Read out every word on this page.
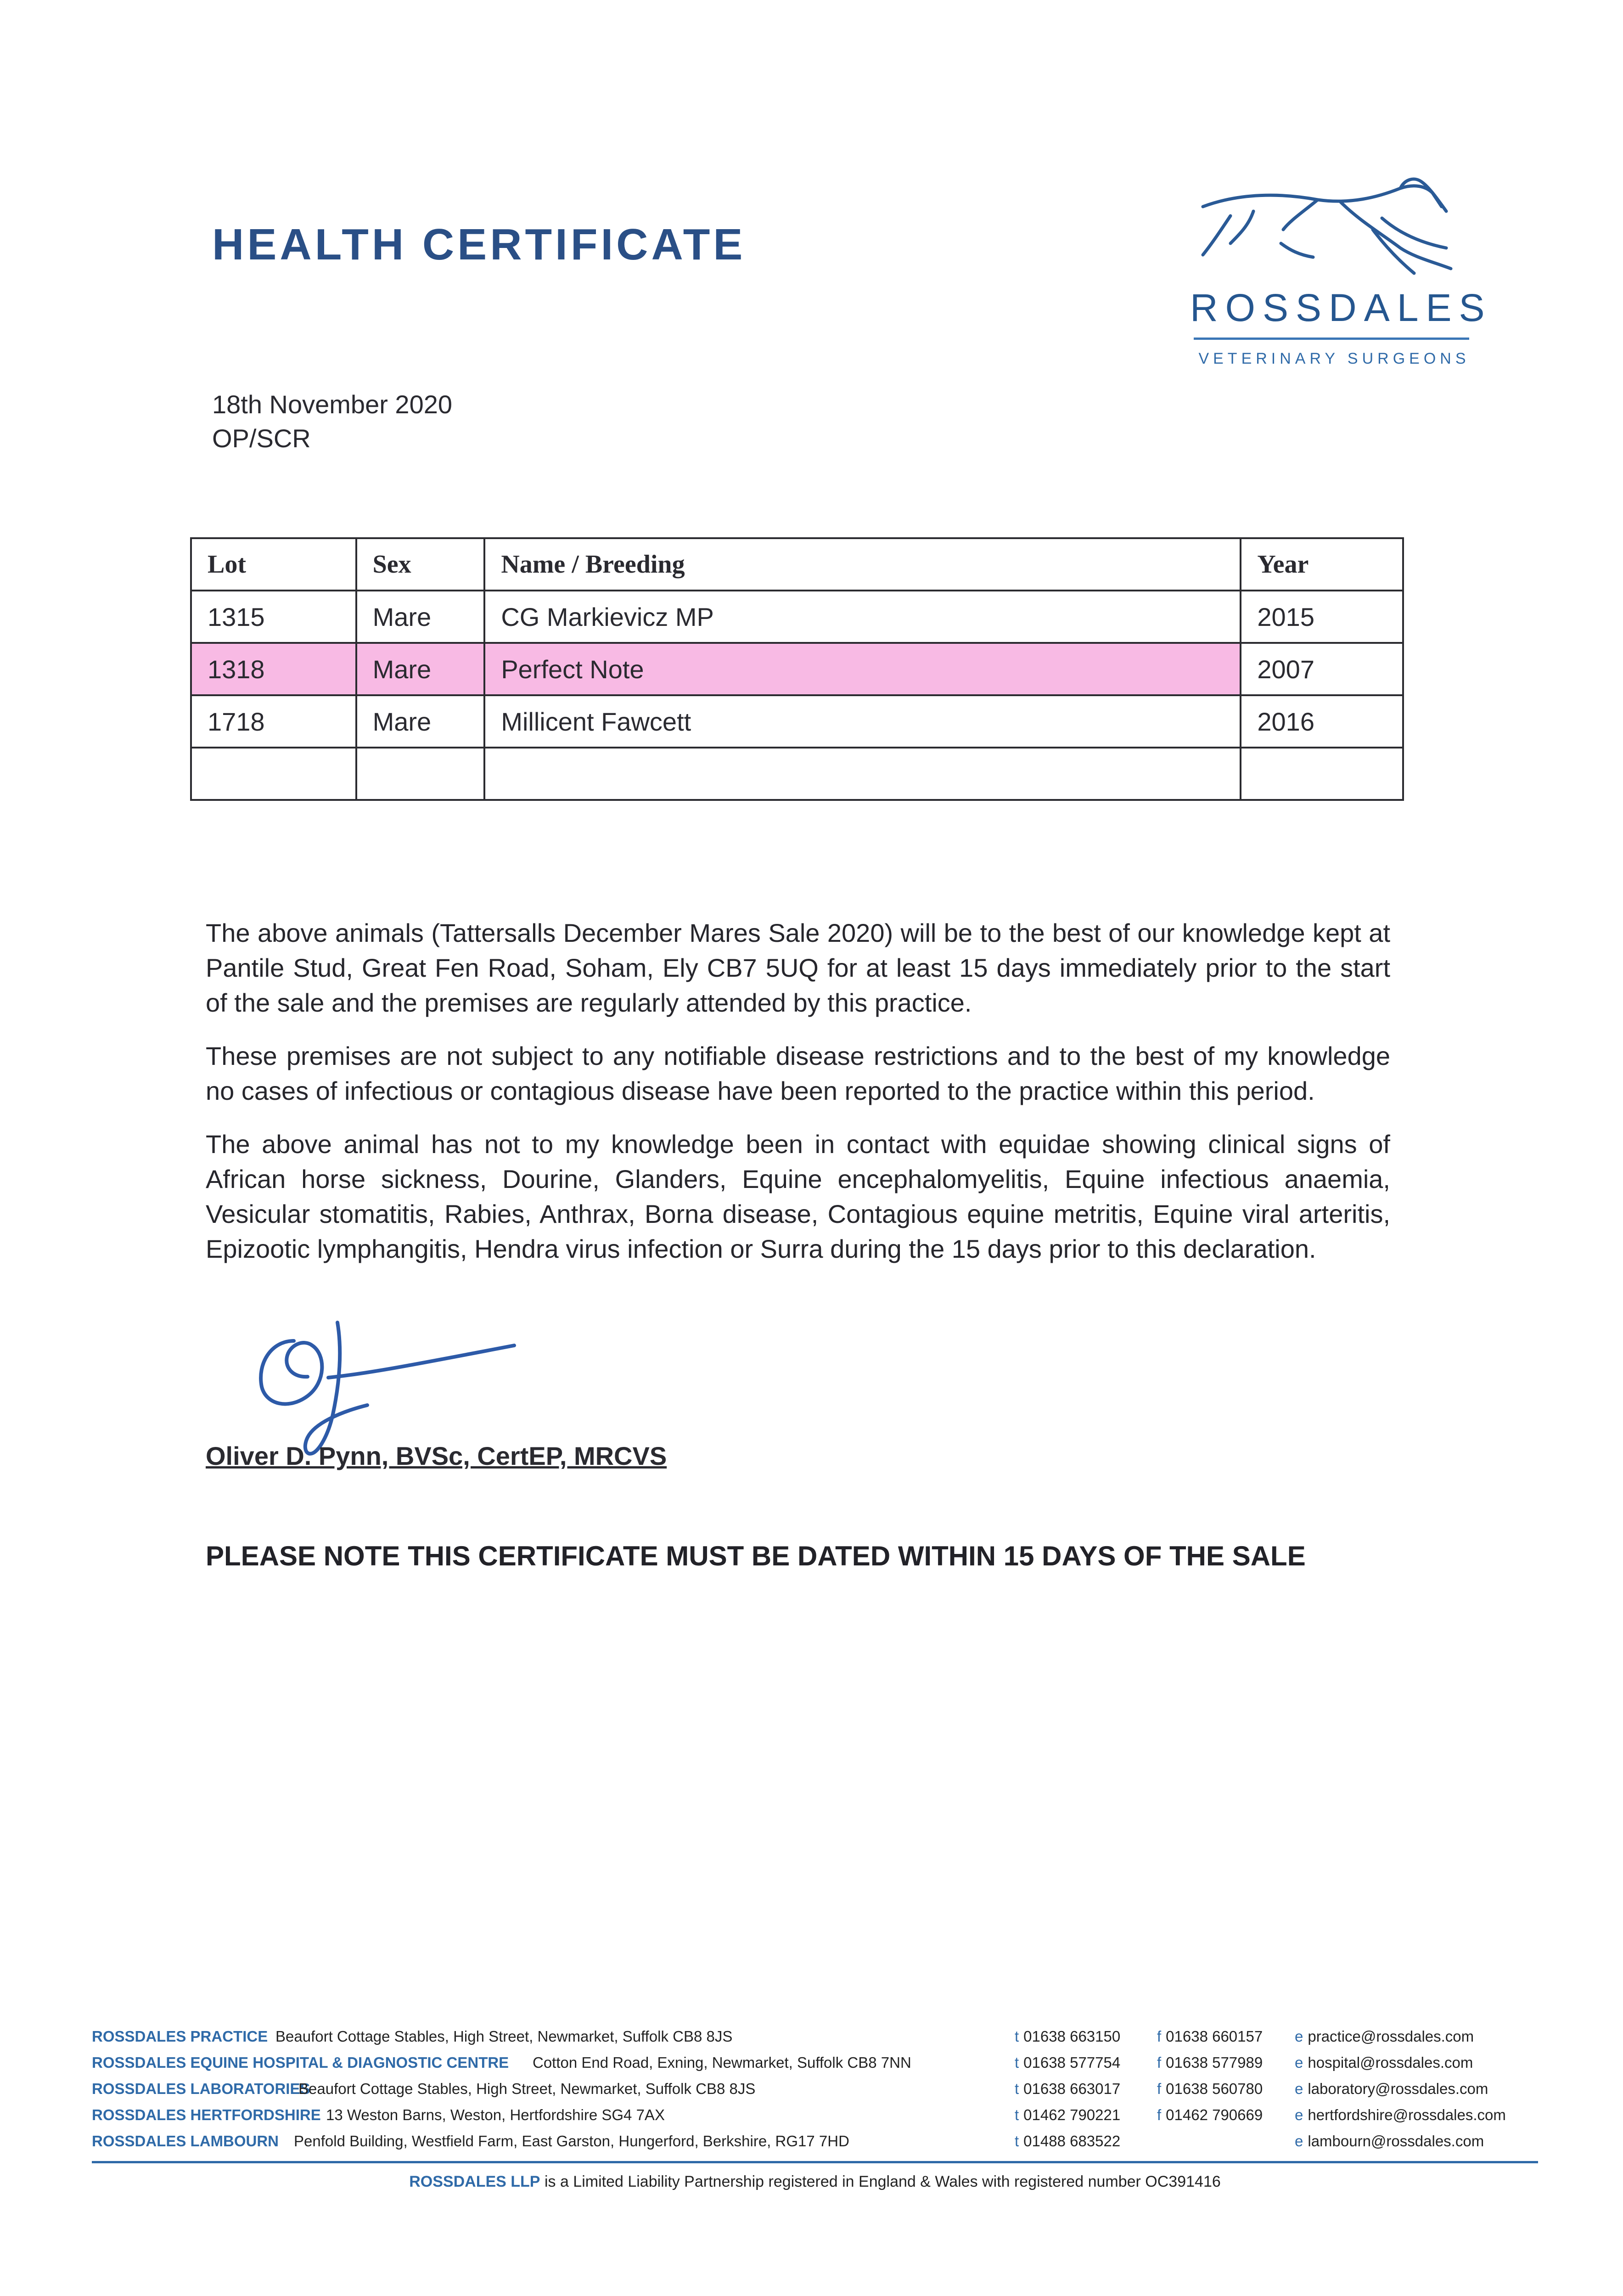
HEALTH CERTIFICATE
ROSSDALES
VETERINARY SURGEONS
18th November 2020
OP/SCR
Lot	Sex	Name / Breeding	Year
1315	Mare	CG Markievicz MP	2015
1318	Mare	Perfect Note	2007
1718	Mare	Millicent Fawcett	2016

The above animals (Tattersalls December Mares Sale 2020) will be to the best of our knowledge kept at Pantile Stud, Great Fen Road, Soham, Ely CB7 5UQ for at least 15 days immediately prior to the start of the sale and the premises are regularly attended by this practice.
These premises are not subject to any notifiable disease restrictions and to the best of my knowledge no cases of infectious or contagious disease have been reported to the practice within this period.
The above animal has not to my knowledge been in contact with equidae showing clinical signs of African horse sickness, Dourine, Glanders, Equine encephalomyelitis, Equine infectious anaemia, Vesicular stomatitis, Rabies, Anthrax, Borna disease, Contagious equine metritis, Equine viral arteritis, Epizootic lymphangitis, Hendra virus infection or Surra during the 15 days prior to this declaration.
Oliver D. Pynn, BVSc, CertEP, MRCVS
PLEASE NOTE THIS CERTIFICATE MUST BE DATED WITHIN 15 DAYS OF THE SALE
ROSSDALES PRACTICE Beaufort Cottage Stables, High Street, Newmarket, Suffolk CB8 8JS	t 01638 663150 f 01638 660157 e practice@rossdales.com
ROSSDALES EQUINE HOSPITAL & DIAGNOSTIC CENTRE Cotton End Road, Exning, Newmarket, Suffolk CB8 7NN	t 01638 577754 f 01638 577989 e hospital@rossdales.com
ROSSDALES LABORATORIES
Beaufort Cottage Stables, High Street, Newmarket, Suffolk CB8 8JS	t 01638 663017 f 01638 560780 e laboratory@rossdales.com
ROSSDALES HERTFORDSHIRE 13 Weston Barns, Weston, Hertfordshire SG4 7AX	t 01462 790221 f 01462 790669 e hertfordshire@rossdales.com
ROSSDALES LAMBOURN Penfold Building, Westfield Farm, East Garston, Hungerford, Berkshire, RG17 7HD	t 01488 683522	e lambourn@rossdales.com
ROSSDALES LLP is a Limited Liability Partnership registered in England & Wales with registered number OC391416
